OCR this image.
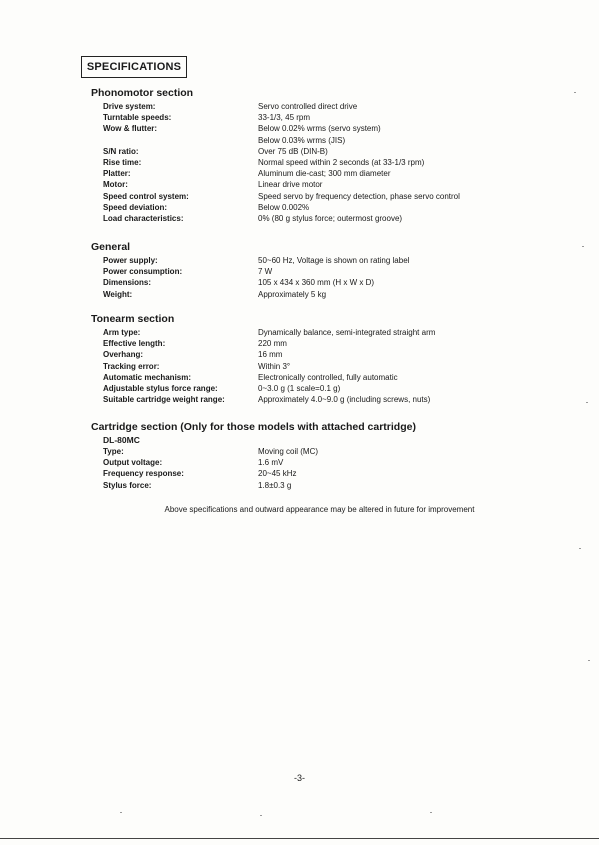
SPECIFICATIONS
Phonomotor section
Drive system:	Servo controlled direct drive
Turntable speeds:	33-1/3, 45 rpm
Wow & flutter:	Below 0.02% wrms (servo system)
Below 0.03% wrms (JIS)
S/N ratio:	Over 75 dB (DIN-B)
Rise time:	Normal speed within 2 seconds (at 33-1/3 rpm)
Platter:	Aluminum die-cast; 300 mm diameter
Motor:	Linear drive motor
Speed control system:	Speed servo by frequency detection, phase servo control
Speed deviation:	Below 0.002%
Load characteristics:	0% (80 g stylus force; outermost groove)
General
Power supply:	50~60 Hz, Voltage is shown on rating label
Power consumption:	7 W
Dimensions:	105 x 434 x 360 mm (H x W x D)
Weight:	Approximately 5 kg
Tonearm section
Arm type:	Dynamically balance, semi-integrated straight arm
Effective length:	220 mm
Overhang:	16 mm
Tracking error:	Within 3°
Automatic mechanism:	Electronically controlled, fully automatic
Adjustable stylus force range:	0~3.0 g (1 scale=0.1 g)
Suitable cartridge weight range:	Approximately 4.0~9.0 g (including screws, nuts)
Cartridge section (Only for those models with attached cartridge)
DL-80MC
Type:	Moving coil (MC)
Output voltage:	1.6 mV
Frequency response:	20~45 kHz
Stylus force:	1.8±0.3 g
Above specifications and outward appearance may be altered in future for improvement
-3-
